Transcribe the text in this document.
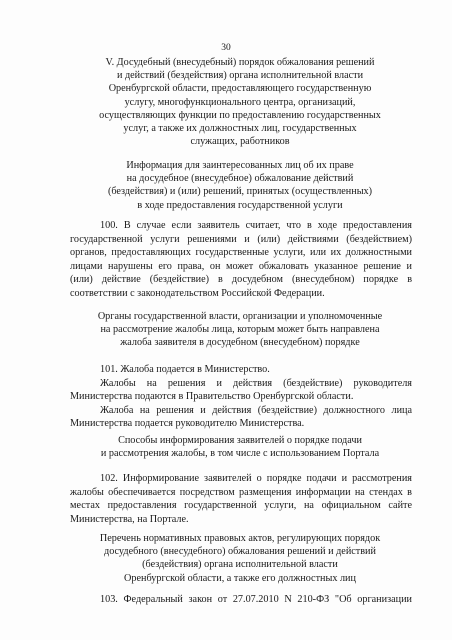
30
V. Досудебный (внесудебный) порядок обжалования решений
и действий (бездействия) органа исполнительной власти
Оренбургской области, предоставляющего государственную
услугу, многофункционального центра, организаций,
осуществляющих функции по предоставлению государственных
услуг, а также их должностных лиц, государственных
служащих, работников
Информация для заинтересованных лиц об их праве
на досудебное (внесудебное) обжалование действий
(бездействия) и (или) решений, принятых (осуществленных)
в ходе предоставления государственной услуги
100. В случае если заявитель считает, что в ходе предоставления
государственной услуги решениями и (или) действиями (бездействием)
органов, предоставляющих государственные услуги, или их должностными
лицами нарушены его права, он может обжаловать указанное решение и
(или) действие (бездействие) в досудебном (внесудебном) порядке в
соответствии с законодательством Российской Федерации.
Органы государственной власти, организации и уполномоченные
на рассмотрение жалобы лица, которым может быть направлена
жалоба заявителя в досудебном (внесудебном) порядке
101. Жалоба подается в Министерство.
Жалобы на решения и действия (бездействие) руководителя
Министерства подаются в Правительство Оренбургской области.
Жалоба на решения и действия (бездействие) должностного лица
Министерства подается руководителю Министерства.
Способы информирования заявителей о порядке подачи
и рассмотрения жалобы, в том числе с использованием Портала
102. Информирование заявителей о порядке подачи и рассмотрения
жалобы обеспечивается посредством размещения информации на стендах в
местах предоставления государственной услуги, на официальном сайте
Министерства, на Портале.
Перечень нормативных правовых актов, регулирующих порядок
досудебного (внесудебного) обжалования решений и действий
(бездействия) органа исполнительной власти
Оренбургской области, а также его должностных лиц
103. Федеральный закон от 27.07.2010 N 210-ФЗ "Об организации
